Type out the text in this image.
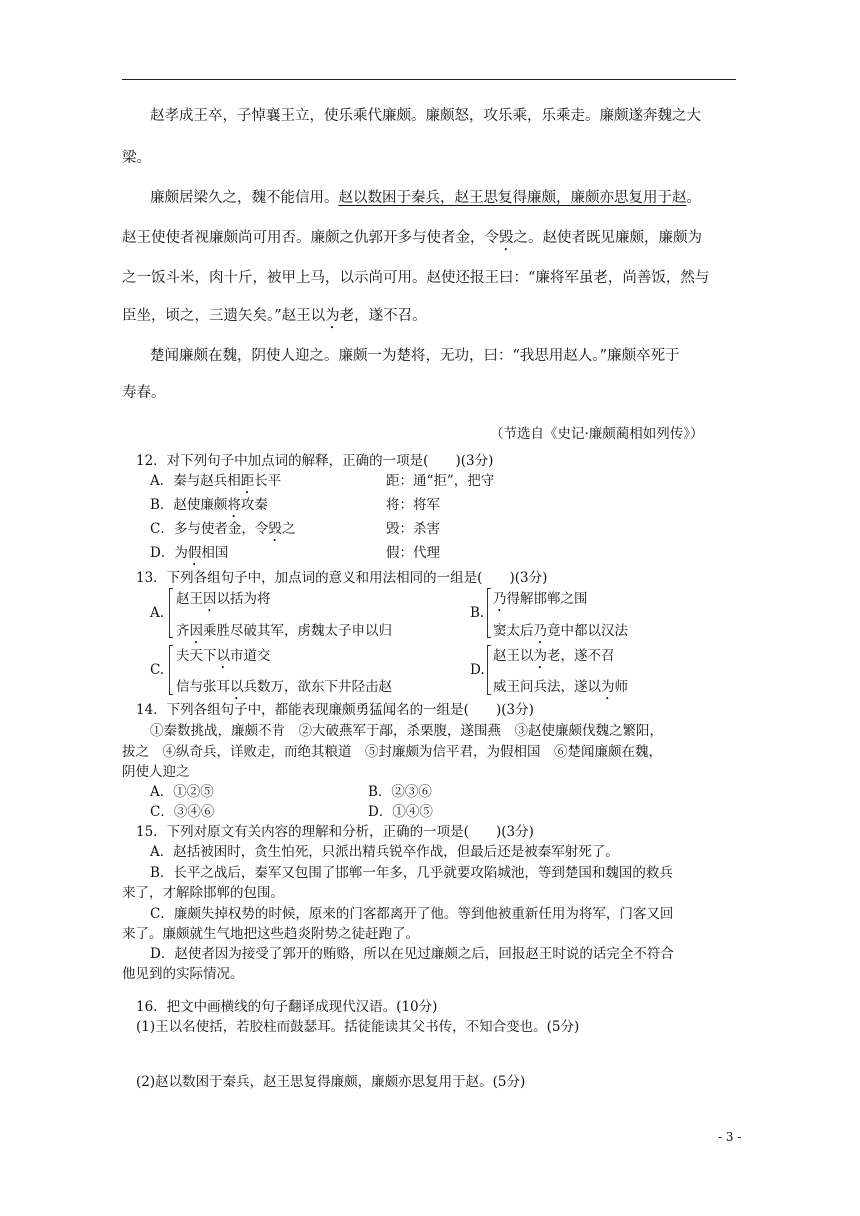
赵孝成王卒，子悼襄王立，使乐乘代廉颇。廉颇怒，攻乐乘，乐乘走。廉颇遂奔魏之大
梁。
廉颇居梁久之，魏不能信用。赵以数困于秦兵，赵王思复得廉颇，廉颇亦思复用于赵。
赵王使使者视廉颇尚可用否。廉颇之仇郭开多与使者金，令毁之。赵使者既见廉颇，廉颇为
之一饭斗米，肉十斤，被甲上马，以示尚可用。赵使还报王曰：“廉将军虽老，尚善饭，然与
臣坐，顷之，三遗矢矣。”赵王以为老，遂不召。
楚闻廉颇在魏，阴使人迎之。廉颇一为楚将，无功，曰：“我思用赵人。”廉颇卒死于
寿春。
（节选自《史记·廉颇蔺相如列传》）
12．对下列句子中加点词的解释，正确的一项是(　　)(3分)
A．秦与赵兵相距长平	距：通“拒”，把守
B．赵使廉颇将攻秦	将：将军
C．多与使者金，令毁之	毁：杀害
D．为假相国	假：代理
13．下列各组句子中，加点词的意义和用法相同的一组是(　　)(3分)
A.
赵王因以括为将
齐因乘胜尽破其军，虏魏太子申以归
B.
乃得解邯郸之围
窦太后乃竟中都以汉法
C.
夫天下以市道交
信与张耳以兵数万，欲东下井陉击赵
D.
赵王以为老，遂不召
威王问兵法，遂以为师
14．下列各组句子中，都能表现廉颇勇猛闻名的一组是(　　)(3分)
①秦数挑战，廉颇不肯　②大破燕军于鄗，杀栗腹，遂围燕　③赵使廉颇伐魏之繁阳，
拔之　④纵奇兵，详败走，而绝其粮道　⑤封廉颇为信平君，为假相国　⑥楚闻廉颇在魏，
阴使人迎之
A．①②⑤	B．②③⑥
C．③④⑥	D．①④⑤
15．下列对原文有关内容的理解和分析，正确的一项是(　　)(3分)
A．赵括被困时，贪生怕死，只派出精兵锐卒作战，但最后还是被秦军射死了。
B．长平之战后，秦军又包围了邯郸一年多，几乎就要攻陷城池，等到楚国和魏国的救兵
来了，才解除邯郸的包围。
C．廉颇失掉权势的时候，原来的门客都离开了他。等到他被重新任用为将军，门客又回
来了。廉颇就生气地把这些趋炎附势之徒赶跑了。
D．赵使者因为接受了郭开的贿赂，所以在见过廉颇之后，回报赵王时说的话完全不符合
他见到的实际情况。
16．把文中画横线的句子翻译成现代汉语。(10分)
(1)王以名使括，若胶柱而鼓瑟耳。括徒能读其父书传，不知合变也。(5分)
(2)赵以数困于秦兵，赵王思复得廉颇，廉颇亦思复用于赵。(5分)
- 3 -
